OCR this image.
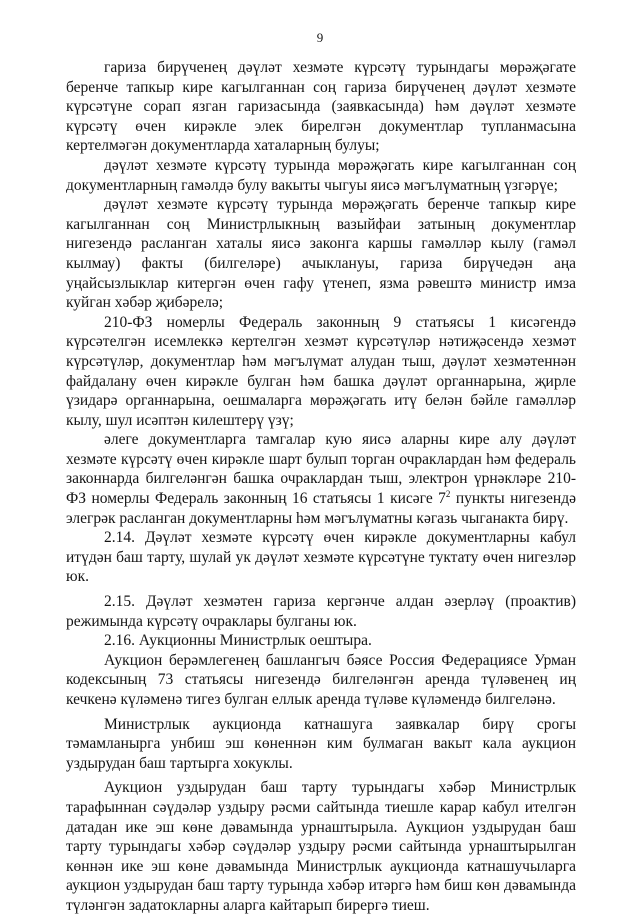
9

гариза бирүченең дәүләт хезмәте күрсәтү турындагы мөрәҗәгате беренче тапкыр кире кагылганнан соң гариза бирүченең дәүләт хезмәте күрсәтүне сорап язган гаризасында (заявкасында) һәм дәүләт хезмәте күрсәтү өчен кирәкле элек бирелгән документлар тупланмасына кертелмәгән документларда хаталарның булуы;

дәүләт хезмәте күрсәтү турында мөрәҗәгать кире кагылганнан соң документларның гамәлдә булу вакыты чыгуы яисә мәгълүматның үзгәрүе;

дәүләт хезмәте күрсәтү турында мөрәҗәгать беренче тапкыр кире кагылганнан соң Министрлыкның вазыйфаи затының документлар нигезендә расланган хаталы яисә законга каршы гамәлләр кылу (гамәл кылмау) факты (билгеләре) ачыклануы, гариза бирүчедән аңа уңайсызлыклар китергән өчен гафу үтенеп, язма рәвештә министр имза куйган хәбәр җибәрелә;

210-ФЗ номерлы Федераль законның 9 статьясы 1 кисәгендә күрсәтелгән исемлеккә кертелгән хезмәт күрсәтүләр нәтиҗәсендә хезмәт күрсәтүләр, документлар һәм мәгълүмат алудан тыш, дәүләт хезмәтеннән файдалану өчен кирәкле булган һәм башка дәүләт органнарына, җирле үзидарә органнарына, оешмаларга мөрәҗәгать итү белән бәйле гамәлләр кылу, шул исәптән килештерү үзү;

әлеге документларга тамгалар кую яисә аларны кире алу дәүләт хезмәте күрсәтү өчен кирәкле шарт булып торган очраклардан һәм федераль законнарда билгеләнгән башка очраклардан тыш, электрон үрнәкләре 210-ФЗ номерлы Федераль законның 16 статьясы 1 кисәге $7^2$ пункты нигезендә элегрәк расланган документларны һәм мәгълүматны кәгазь чыганакта бирү.

2.14. Дәүләт хезмәте күрсәтү өчен кирәкле документларны кабул итүдән баш тарту, шулай ук дәүләт хезмәте күрсәтүне туктату өчен нигезләр юк.

2.15. Дәүләт хезмәтен гариза кергәнче алдан әзерләү (проактив) режимында күрсәтү очраклары булганы юк.

2.16. Аукционны Министрлык оештыра.

Аукцион берәмлегенең башлангыч бәясе Россия Федерациясе Урман кодексының 73 статьясы нигезендә билгеләнгән аренда түләвенең иң кечкенә күләменә тигез булган еллык аренда түләве күләмендә билгеләнә.

Министрлык аукционда катнашуга заявкалар бирү срогы тәмамланырга унбиш эш көненнән ким булмаган вакыт кала аукцион уздырудан баш тартырга хокуклы.

Аукцион уздырудан баш тарту турындагы хәбәр Министрлык тарафыннан сәүдәләр уздыру рәсми сайтында тиешле карар кабул ителгән датадан ике эш көне дәвамында урнаштырыла. Аукцион уздырудан баш тарту турындагы хәбәр сәүдәләр уздыру рәсми сайтында урнаштырылган көннән ике эш көне дәвамында Министрлык аукционда катнашучыларга аукцион уздырудан баш тарту турында хәбәр итәргә һәм биш көн дәвамында түләнгән задатокларны аларга кайтарып бирергә тиеш.
